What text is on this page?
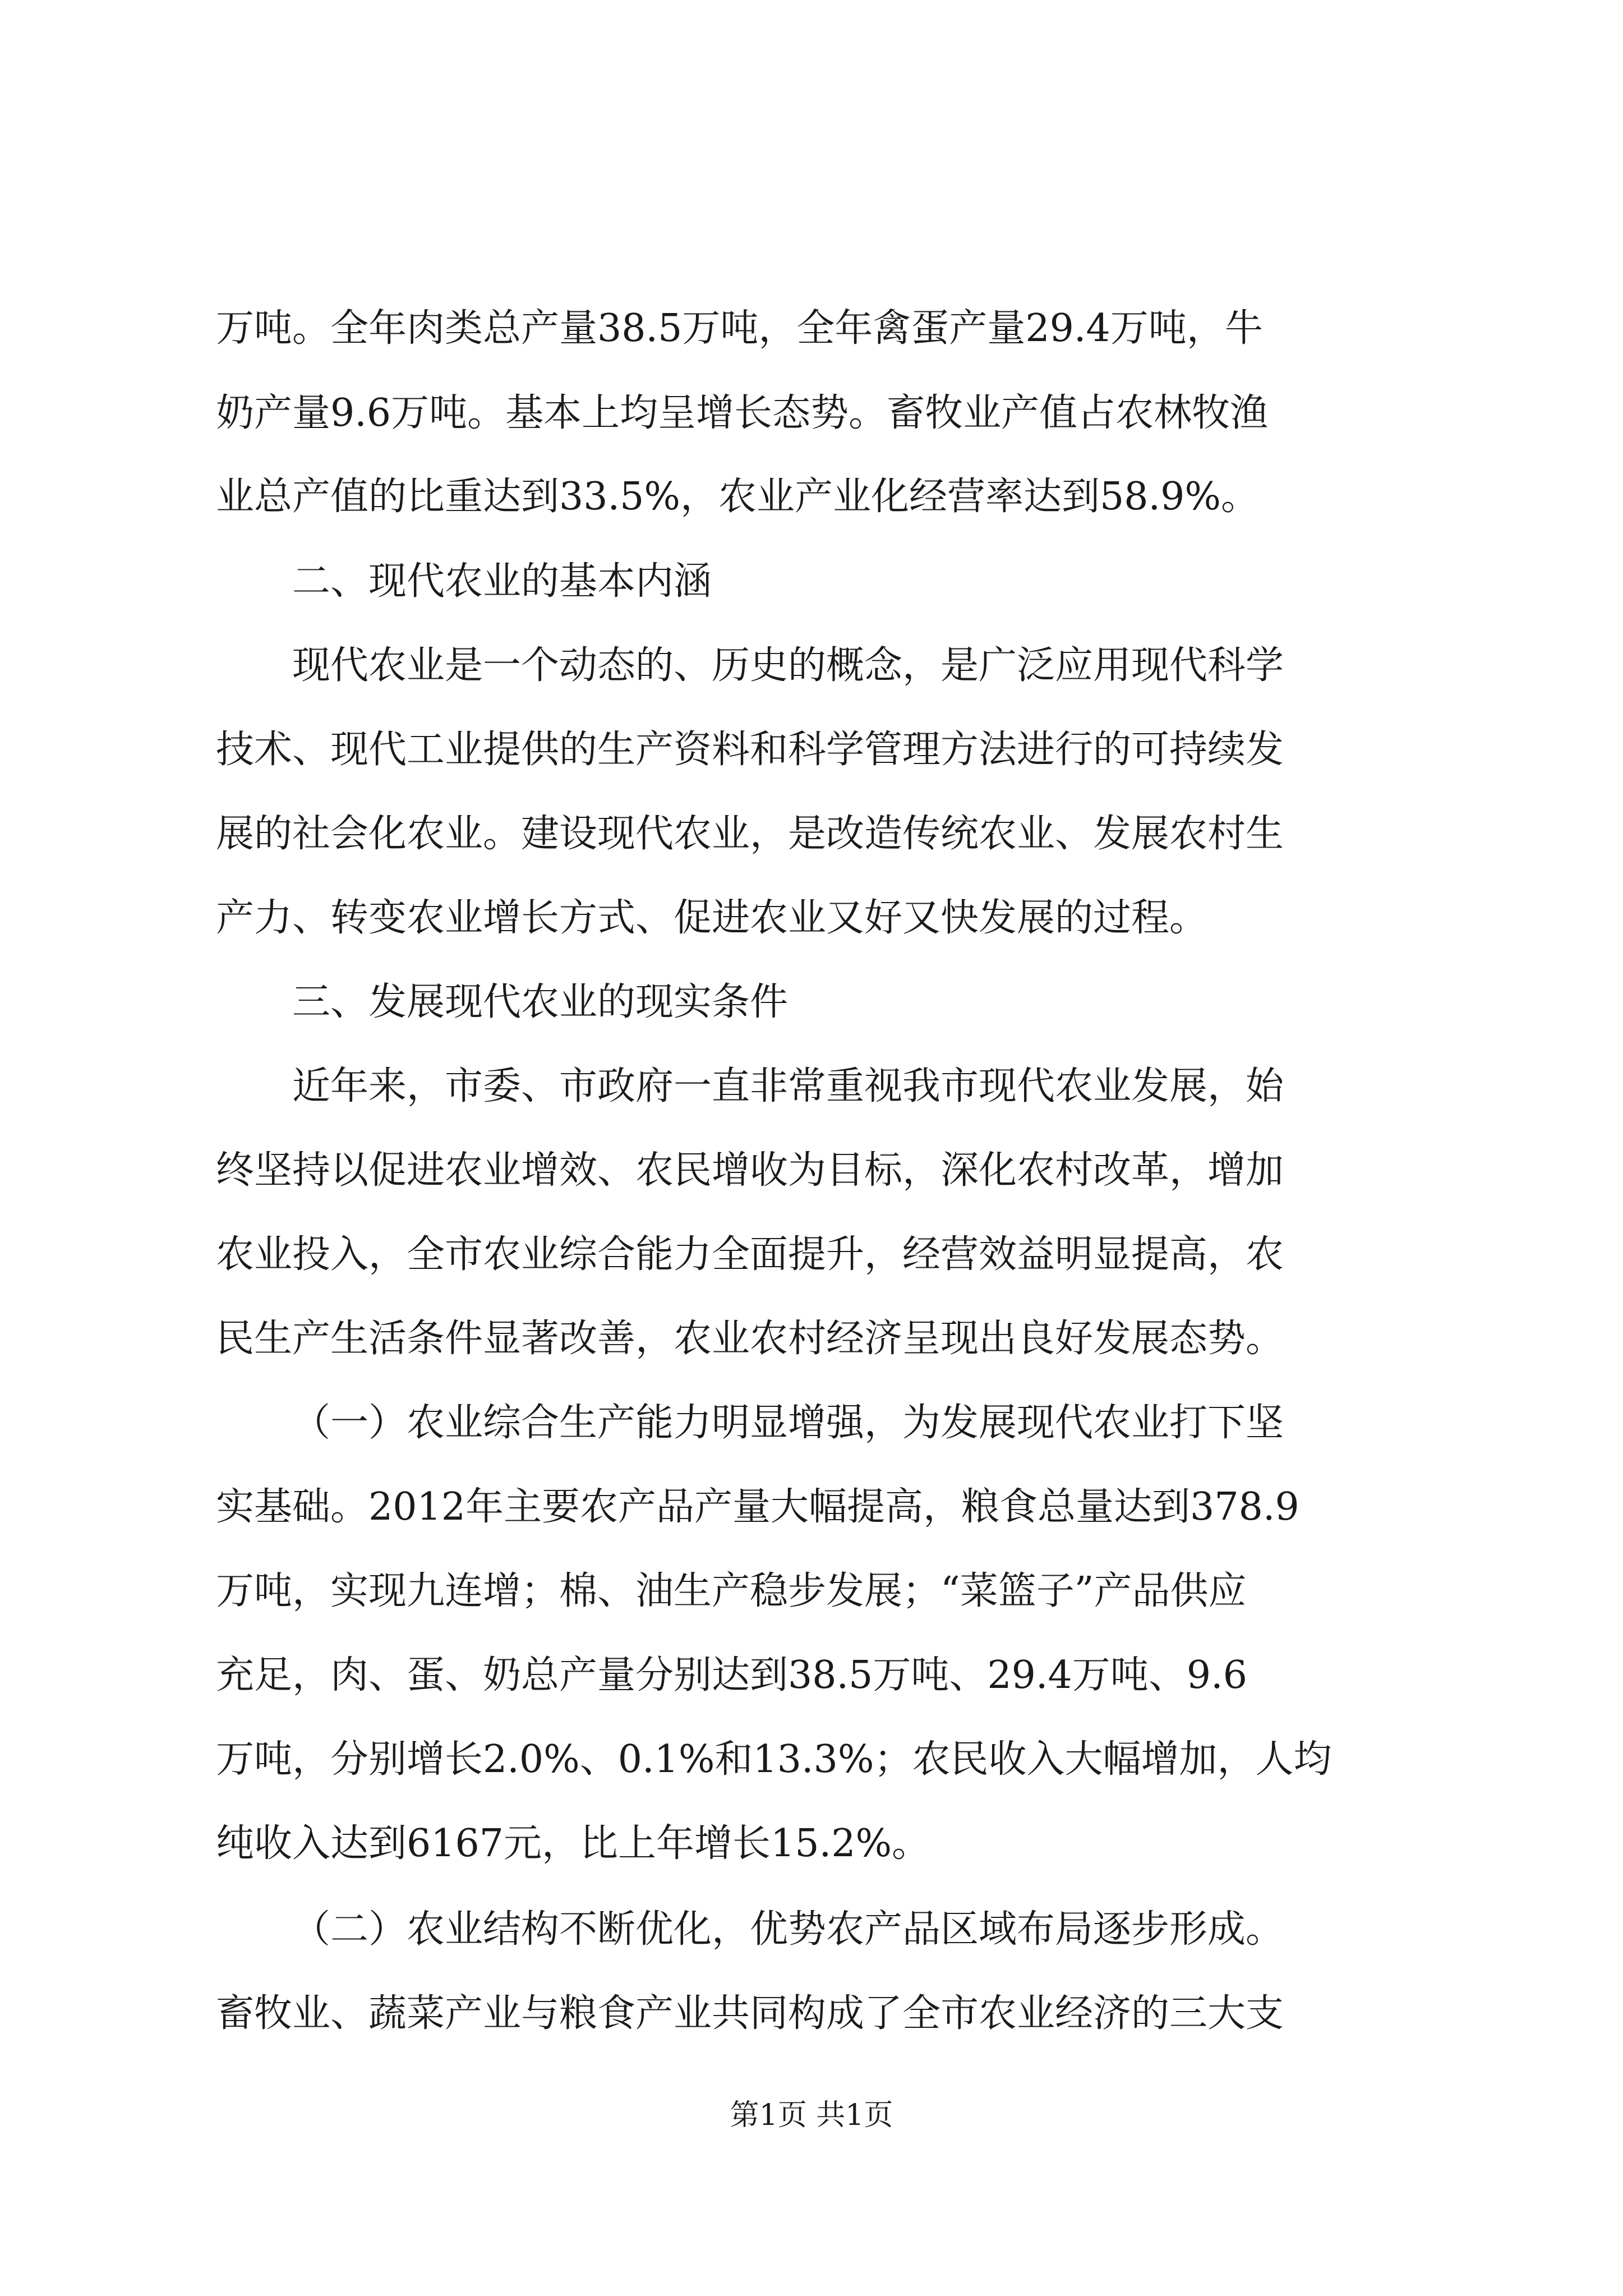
万吨。全年肉类总产量38.5万吨，全年禽蛋产量29.4万吨，牛
奶产量9.6万吨。基本上均呈增长态势。畜牧业产值占农林牧渔
业总产值的比重达到33.5%，农业产业化经营率达到58.9%。
二、现代农业的基本内涵
现代农业是一个动态的、历史的概念，是广泛应用现代科学
技术、现代工业提供的生产资料和科学管理方法进行的可持续发
展的社会化农业。建设现代农业，是改造传统农业、发展农村生
产力、转变农业增长方式、促进农业又好又快发展的过程。
三、发展现代农业的现实条件
近年来，市委、市政府一直非常重视我市现代农业发展，始
终坚持以促进农业增效、农民增收为目标，深化农村改革，增加
农业投入，全市农业综合能力全面提升，经营效益明显提高，农
民生产生活条件显著改善，农业农村经济呈现出良好发展态势。
（一）农业综合生产能力明显增强，为发展现代农业打下坚
实基础。2012年主要农产品产量大幅提高，粮食总量达到378.9
万吨，实现九连增；棉、油生产稳步发展；“菜篮子”产品供应
充足，肉、蛋、奶总产量分别达到38.5万吨、29.4万吨、9.6
万吨，分别增长2.0%、0.1%和13.3%；农民收入大幅增加，人均
纯收入达到6167元，比上年增长15.2%。
（二）农业结构不断优化，优势农产品区域布局逐步形成。
畜牧业、蔬菜产业与粮食产业共同构成了全市农业经济的三大支
第1页 共1页
